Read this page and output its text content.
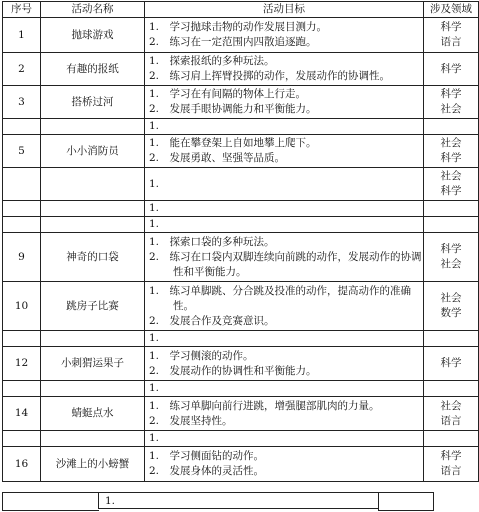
序号	活动名称	活动目标	涉及领域
1	抛球游戏	1.　学习抛球击物的动作发展目测力。
2.　练习在一定范围内四散追逐跑。	科学
语言

2	有趣的报纸	1.　探索报纸的多种玩法。
2.　练习肩上挥臂投掷的动作，发展动作的协调性。	科学

3	搭桥过河	1.　学习在有间隔的物体上行走。
2.　发展手眼协调能力和平衡能力。	科学
社会

		1.	

5	小小消防员	1.　能在攀登架上自如地攀上爬下。
2.　发展勇敢、坚强等品质。	社会
科学

		1.	社会
科学

		1.	

		1.	

9	神奇的口袋	1.　探索口袋的多种玩法。
2.　练习在口袋内双脚连续向前跳的动作，发展动作的协调性和平衡能力。	科学
社会

10	跳房子比赛	1.　练习单脚跳、分合跳及投准的动作，提高动作的准确性。
2.　发展合作及竞赛意识。	社会
数学

		1.	

12	小刺猬运果子	1.　学习侧滚的动作。
2.　发展动作的协调性和平衡能力。	科学

		1.	

14	蜻蜓点水	1.　练习单脚向前行进跳，增强腿部肌肉的力量。
2.　发展坚持性。	社会
语言

		1.	

16	沙滩上的小螃蟹	1.　学习侧面钻的动作。
2.　发展身体的灵活性。	科学
语言
1.
